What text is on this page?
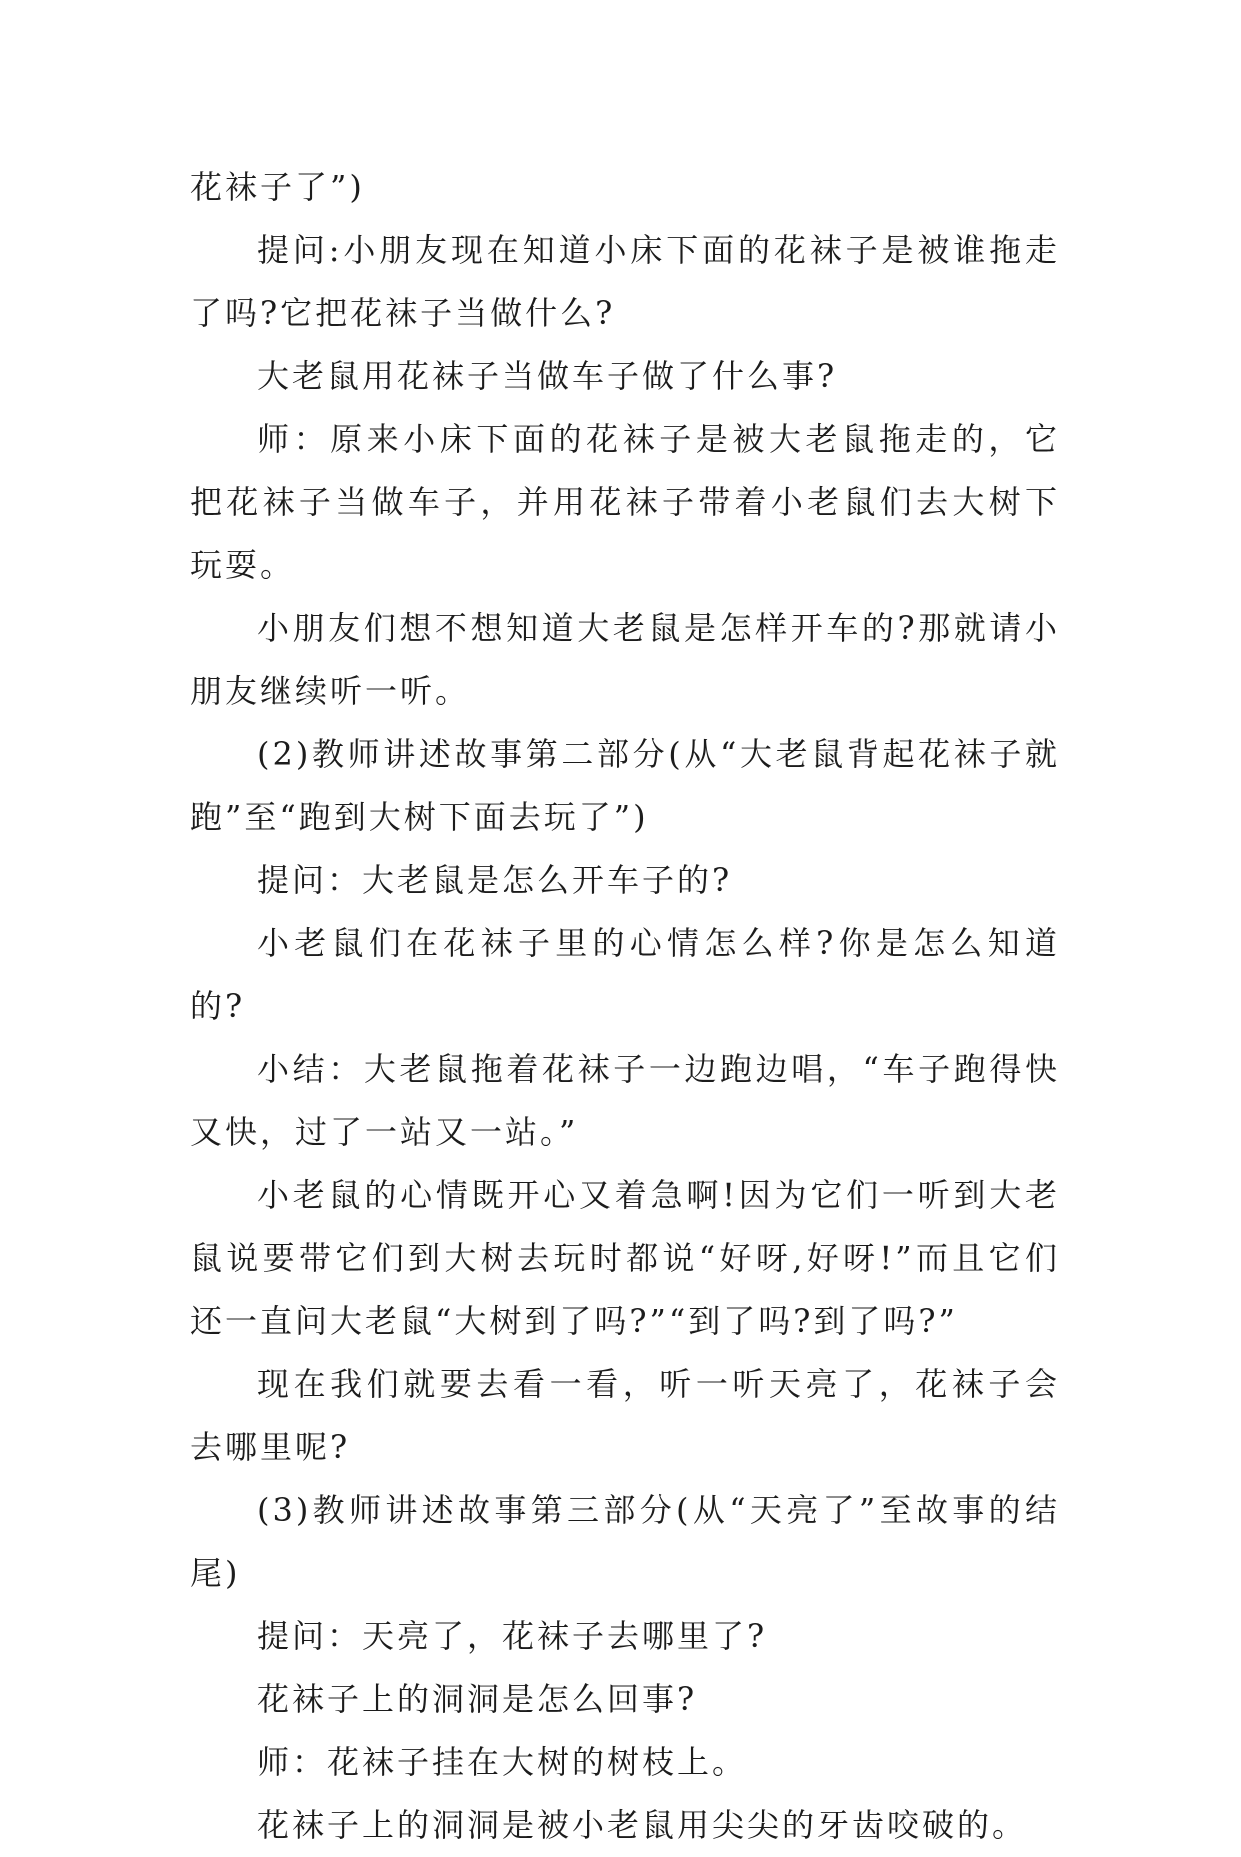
花袜子了”)

提问:小朋友现在知道小床下面的花袜子是被谁拖走了吗?它把花袜子当做什么?

大老鼠用花袜子当做车子做了什么事?

师：原来小床下面的花袜子是被大老鼠拖走的，它把花袜子当做车子，并用花袜子带着小老鼠们去大树下玩耍。

小朋友们想不想知道大老鼠是怎样开车的?那就请小朋友继续听一听。

(2)教师讲述故事第二部分(从“大老鼠背起花袜子就跑”至“跑到大树下面去玩了”)

提问：大老鼠是怎么开车子的?

小老鼠们在花袜子里的心情怎么样?你是怎么知道的?

小结：大老鼠拖着花袜子一边跑边唱，“车子跑得快又快，过了一站又一站。”

小老鼠的心情既开心又着急啊!因为它们一听到大老鼠说要带它们到大树去玩时都说“好呀,好呀!”而且它们还一直问大老鼠“大树到了吗?”“到了吗?到了吗?”

现在我们就要去看一看，听一听天亮了，花袜子会去哪里呢?

(3)教师讲述故事第三部分(从“天亮了”至故事的结尾)

提问：天亮了，花袜子去哪里了?

花袜子上的洞洞是怎么回事?

师：花袜子挂在大树的树枝上。

花袜子上的洞洞是被小老鼠用尖尖的牙齿咬破的。
